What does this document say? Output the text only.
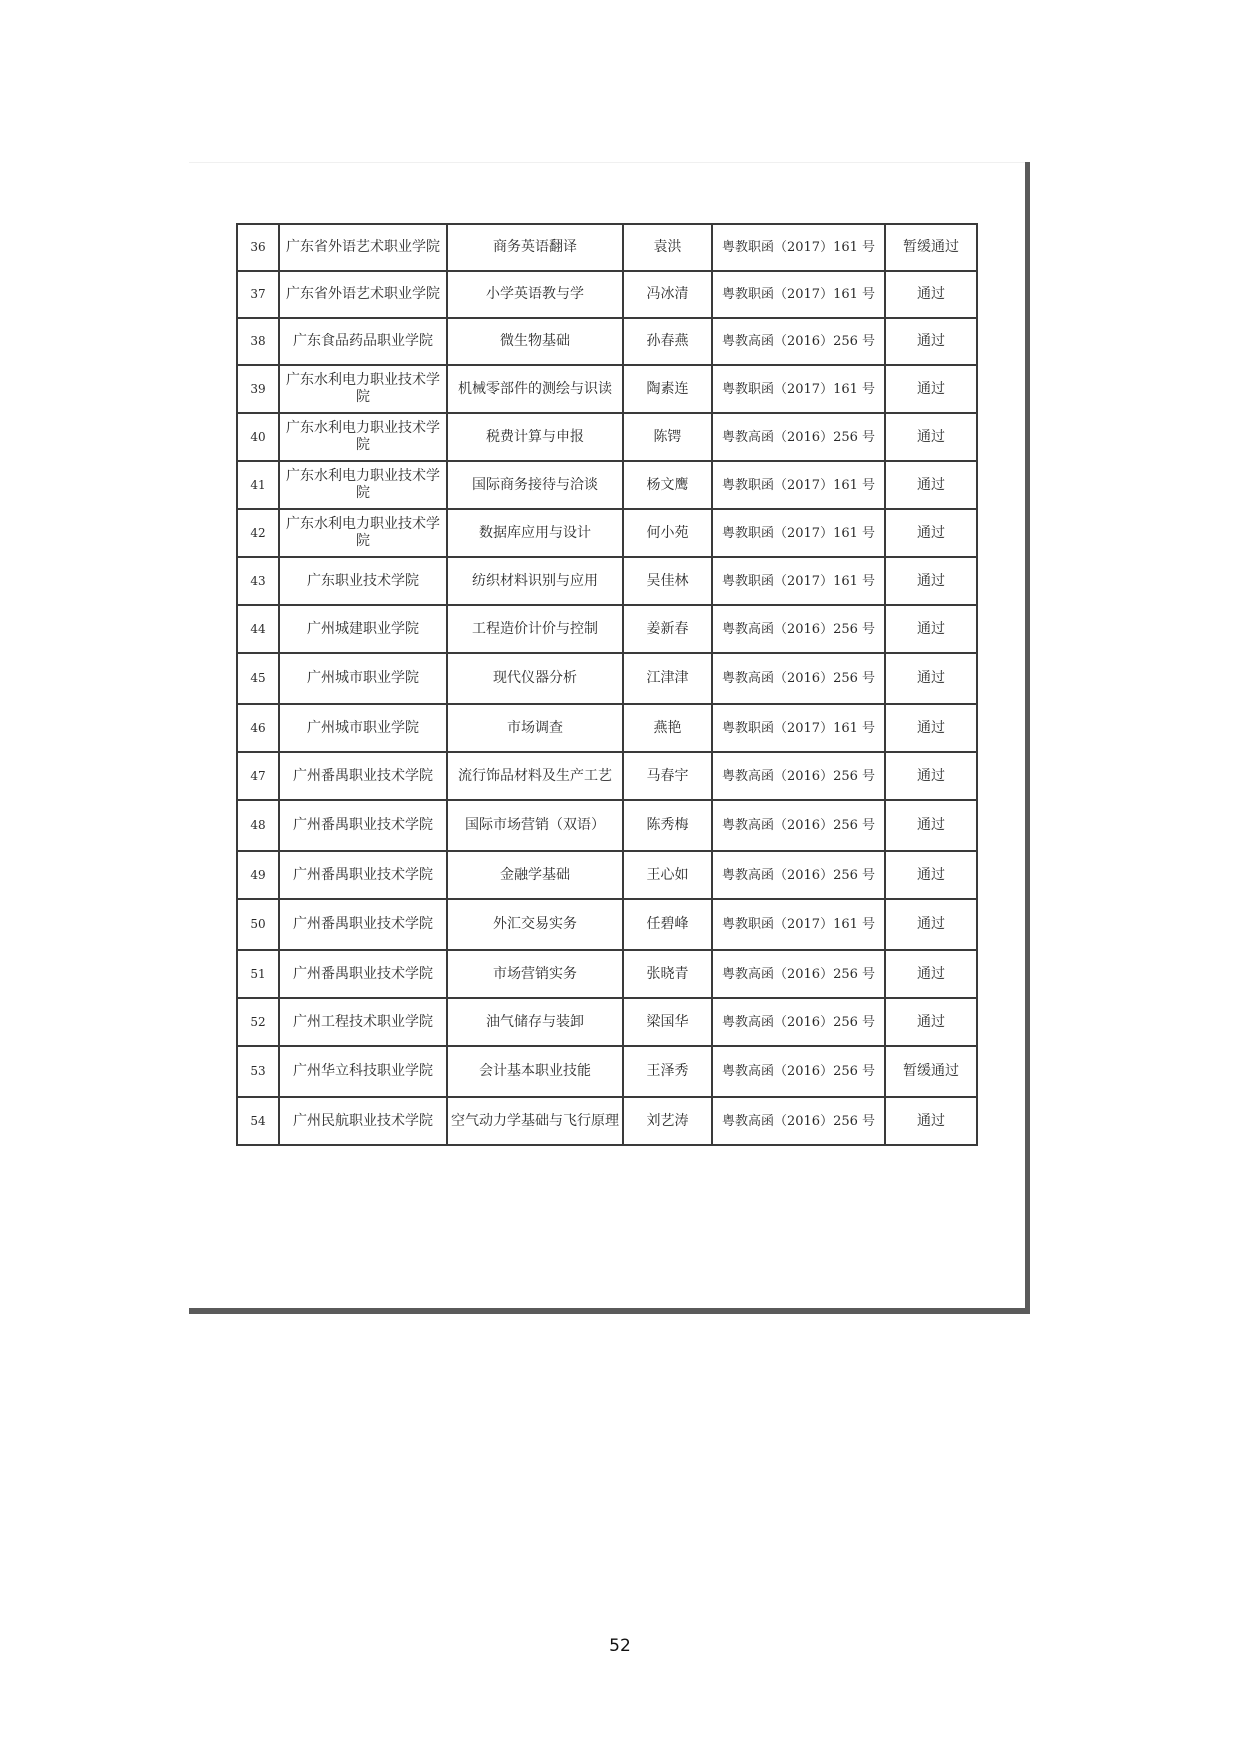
36	广东省外语艺术职业学院	商务英语翻译	袁洪	粤教职函（2017）161 号	暂缓通过
37	广东省外语艺术职业学院	小学英语教与学	冯冰清	粤教职函（2017）161 号	通过
38	广东食品药品职业学院	微生物基础	孙春燕	粤教高函（2016）256 号	通过
39	广东水利电力职业技术学院	机械零部件的测绘与识读	陶素连	粤教职函（2017）161 号	通过
40	广东水利电力职业技术学院	税费计算与申报	陈锷	粤教高函（2016）256 号	通过
41	广东水利电力职业技术学院	国际商务接待与洽谈	杨文鹰	粤教职函（2017）161 号	通过
42	广东水利电力职业技术学院	数据库应用与设计	何小苑	粤教职函（2017）161 号	通过
43	广东职业技术学院	纺织材料识别与应用	吴佳林	粤教职函（2017）161 号	通过
44	广州城建职业学院	工程造价计价与控制	姜新春	粤教高函（2016）256 号	通过
45	广州城市职业学院	现代仪器分析	江津津	粤教高函（2016）256 号	通过
46	广州城市职业学院	市场调查	燕艳	粤教职函（2017）161 号	通过
47	广州番禺职业技术学院	流行饰品材料及生产工艺	马春宇	粤教高函（2016）256 号	通过
48	广州番禺职业技术学院	国际市场营销（双语）	陈秀梅	粤教高函（2016）256 号	通过
49	广州番禺职业技术学院	金融学基础	王心如	粤教高函（2016）256 号	通过
50	广州番禺职业技术学院	外汇交易实务	任碧峰	粤教职函（2017）161 号	通过
51	广州番禺职业技术学院	市场营销实务	张晓青	粤教高函（2016）256 号	通过
52	广州工程技术职业学院	油气储存与装卸	梁国华	粤教高函（2016）256 号	通过
53	广州华立科技职业学院	会计基本职业技能	王泽秀	粤教高函（2016）256 号	暂缓通过
54	广州民航职业技术学院	空气动力学基础与飞行原理	刘艺涛	粤教高函（2016）256 号	通过
52
